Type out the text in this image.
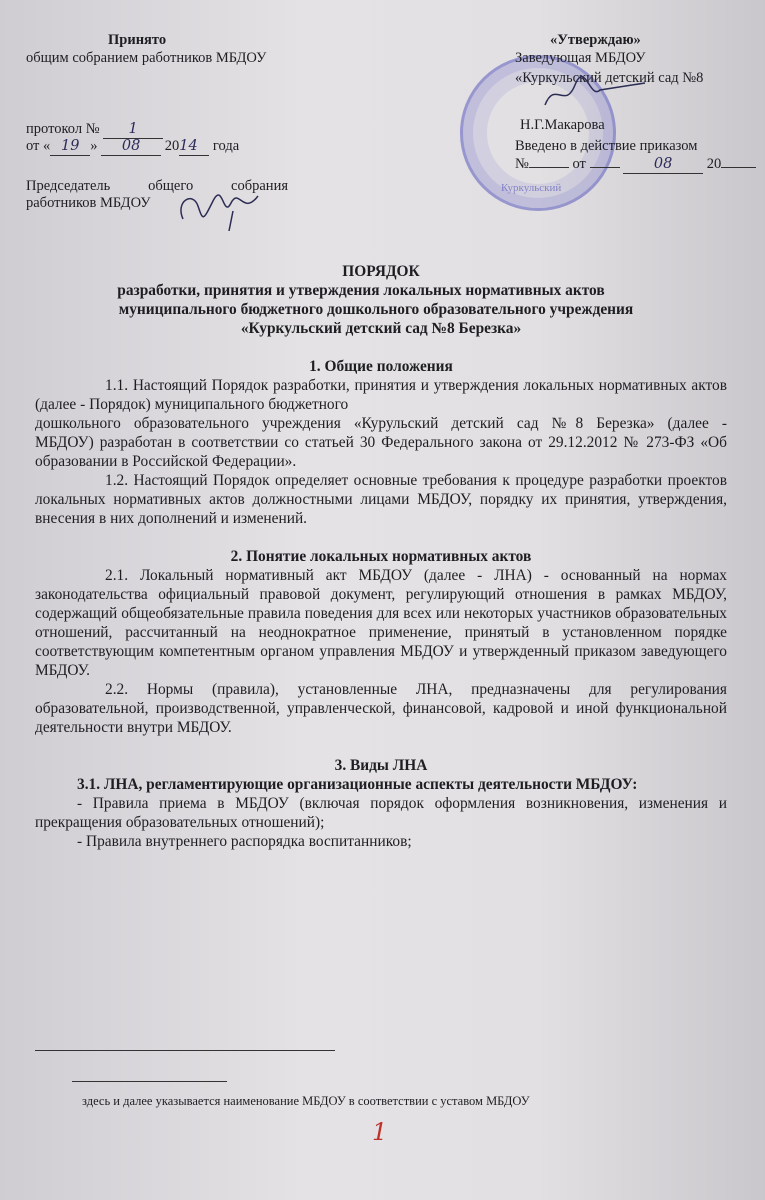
Принято
общим собранием работников МБДОУ
протокол № 1
от « 19 » 08 2014 года
Председатель общего собрания
работников МБДОУ
Куркульский
«Утверждаю»
Заведующая МБДОУ
«Куркульский детский сад №8
Н.Г.Макарова
Введено в действие приказом
№	от	08 20
ПОРЯДОК

разработки, принятия и утверждения локальных нормативных актов

муниципального бюджетного дошкольного образовательного учреждения

«Куркульский детский сад №8 Березка»

1. Общие положения

1.1. Настоящий Порядок разработки, принятия и утверждения локальных нормативных актов (далее - Порядок) муниципального бюджетного

дошкольного образовательного учреждения «Курульский детский сад №8 Березка» (далее -

МБДОУ) разработан в соответствии со статьей 30 Федерального закона от 29.12.2012 № 273-ФЗ «Об образовании в Российской Федерации».

1.2. Настоящий Порядок определяет основные требования к процедуре разработки проектов локальных нормативных актов должностными лицами МБДОУ, порядку их принятия, утверждения, внесения в них дополнений и изменений.

2. Понятие локальных нормативных актов

2.1. Локальный нормативный акт МБДОУ (далее - ЛНА) - основанный на нормах законодательства официальный правовой документ, регулирующий отношения в рамках МБДОУ, содержащий общеобязательные правила поведения для всех или некоторых участников образовательных отношений, рассчитанный на неоднократное применение, принятый в установленном порядке соответствующим компетентным органом управления МБДОУ и утвержденный приказом заведующего МБДОУ.

2.2. Нормы (правила), установленные ЛНА, предназначены для регулирования образовательной, производственной, управленческой, финансовой, кадровой и иной функциональной деятельности внутри МБДОУ.

3. Виды ЛНА

3.1. ЛНА, регламентирующие организационные аспекты деятельности МБДОУ:

- Правила приема в МБДОУ (включая порядок оформления возникновения, изменения и прекращения образовательных отношений);

- Правила внутреннего распорядка воспитанников;

здесь и далее указывается наименование МБДОУ в соответствии с уставом МБДОУ
1
